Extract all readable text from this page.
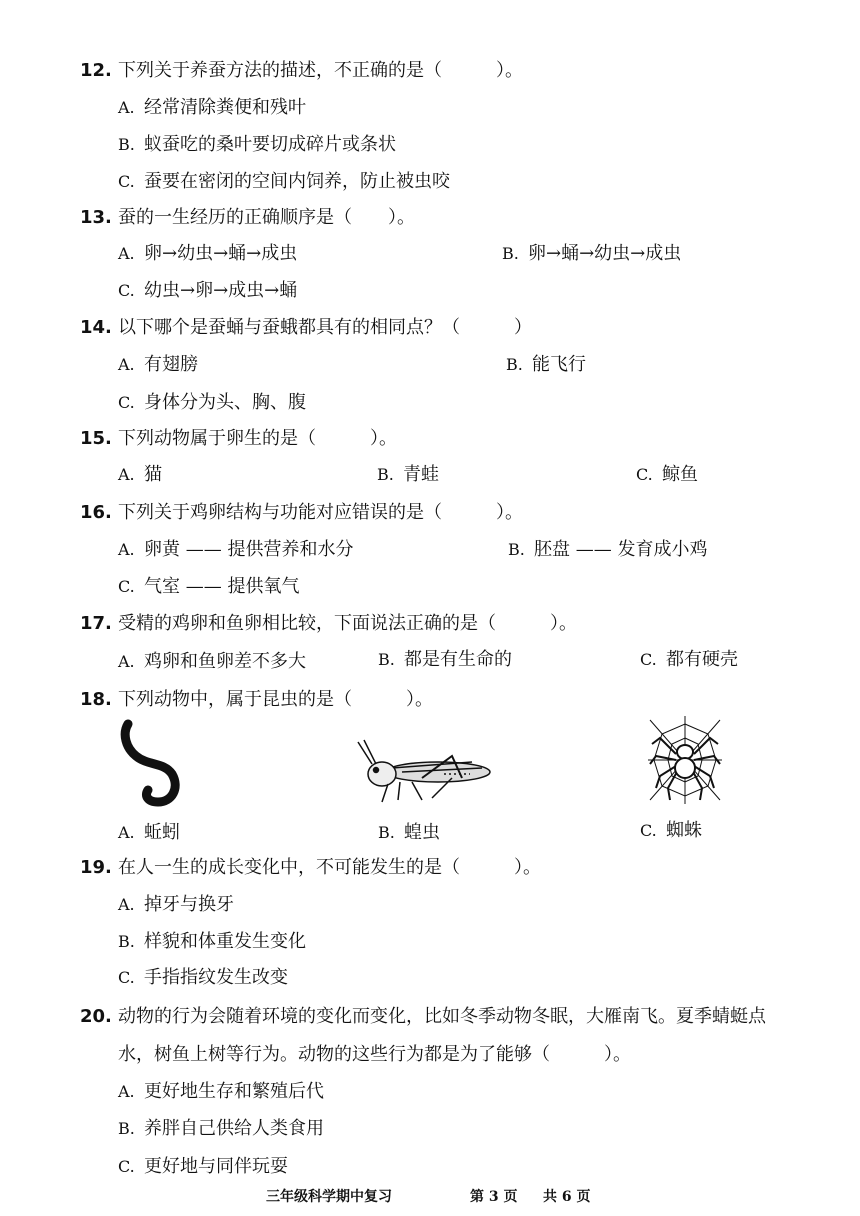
12. 下列关于养蚕方法的描述，不正确的是（　　　）。
A. 经常清除粪便和残叶
B. 蚁蚕吃的桑叶要切成碎片或条状
C. 蚕要在密闭的空间内饲养，防止被虫咬
13. 蚕的一生经历的正确顺序是（　　）。
A. 卵→幼虫→蛹→成虫	B. 卵→蛹→幼虫→成虫
C. 幼虫→卵→成虫→蛹
14. 以下哪个是蚕蛹与蚕蛾都具有的相同点？（　　　）
A. 有翅膀	B. 能飞行
C. 身体分为头、胸、腹
15. 下列动物属于卵生的是（　　　）。
A. 猫	B. 青蛙	C. 鲸鱼
16. 下列关于鸡卵结构与功能对应错误的是（　　　）。
A. 卵黄 —— 提供营养和水分	B. 胚盘 —— 发育成小鸡
C. 气室 —— 提供氧气
17. 受精的鸡卵和鱼卵相比较，下面说法正确的是（　　　）。
A. 鸡卵和鱼卵差不多大	B. 都是有生命的	C. 都有硬壳
18. 下列动物中，属于昆虫的是（　　　）。
A. 蚯蚓	B. 蝗虫	C. 蜘蛛
19. 在人一生的成长变化中，不可能发生的是（　　　）。
A. 掉牙与换牙
B. 样貌和体重发生变化
C. 手指指纹发生改变
20. 动物的行为会随着环境的变化而变化，比如冬季动物冬眠，大雁南飞。夏季蜻蜓点
水，树鱼上树等行为。动物的这些行为都是为了能够（　　　）。
A. 更好地生存和繁殖后代
B. 养胖自己供给人类食用
C. 更好地与同伴玩耍
三年级科学期中复习	第 3 页 共 6 页
